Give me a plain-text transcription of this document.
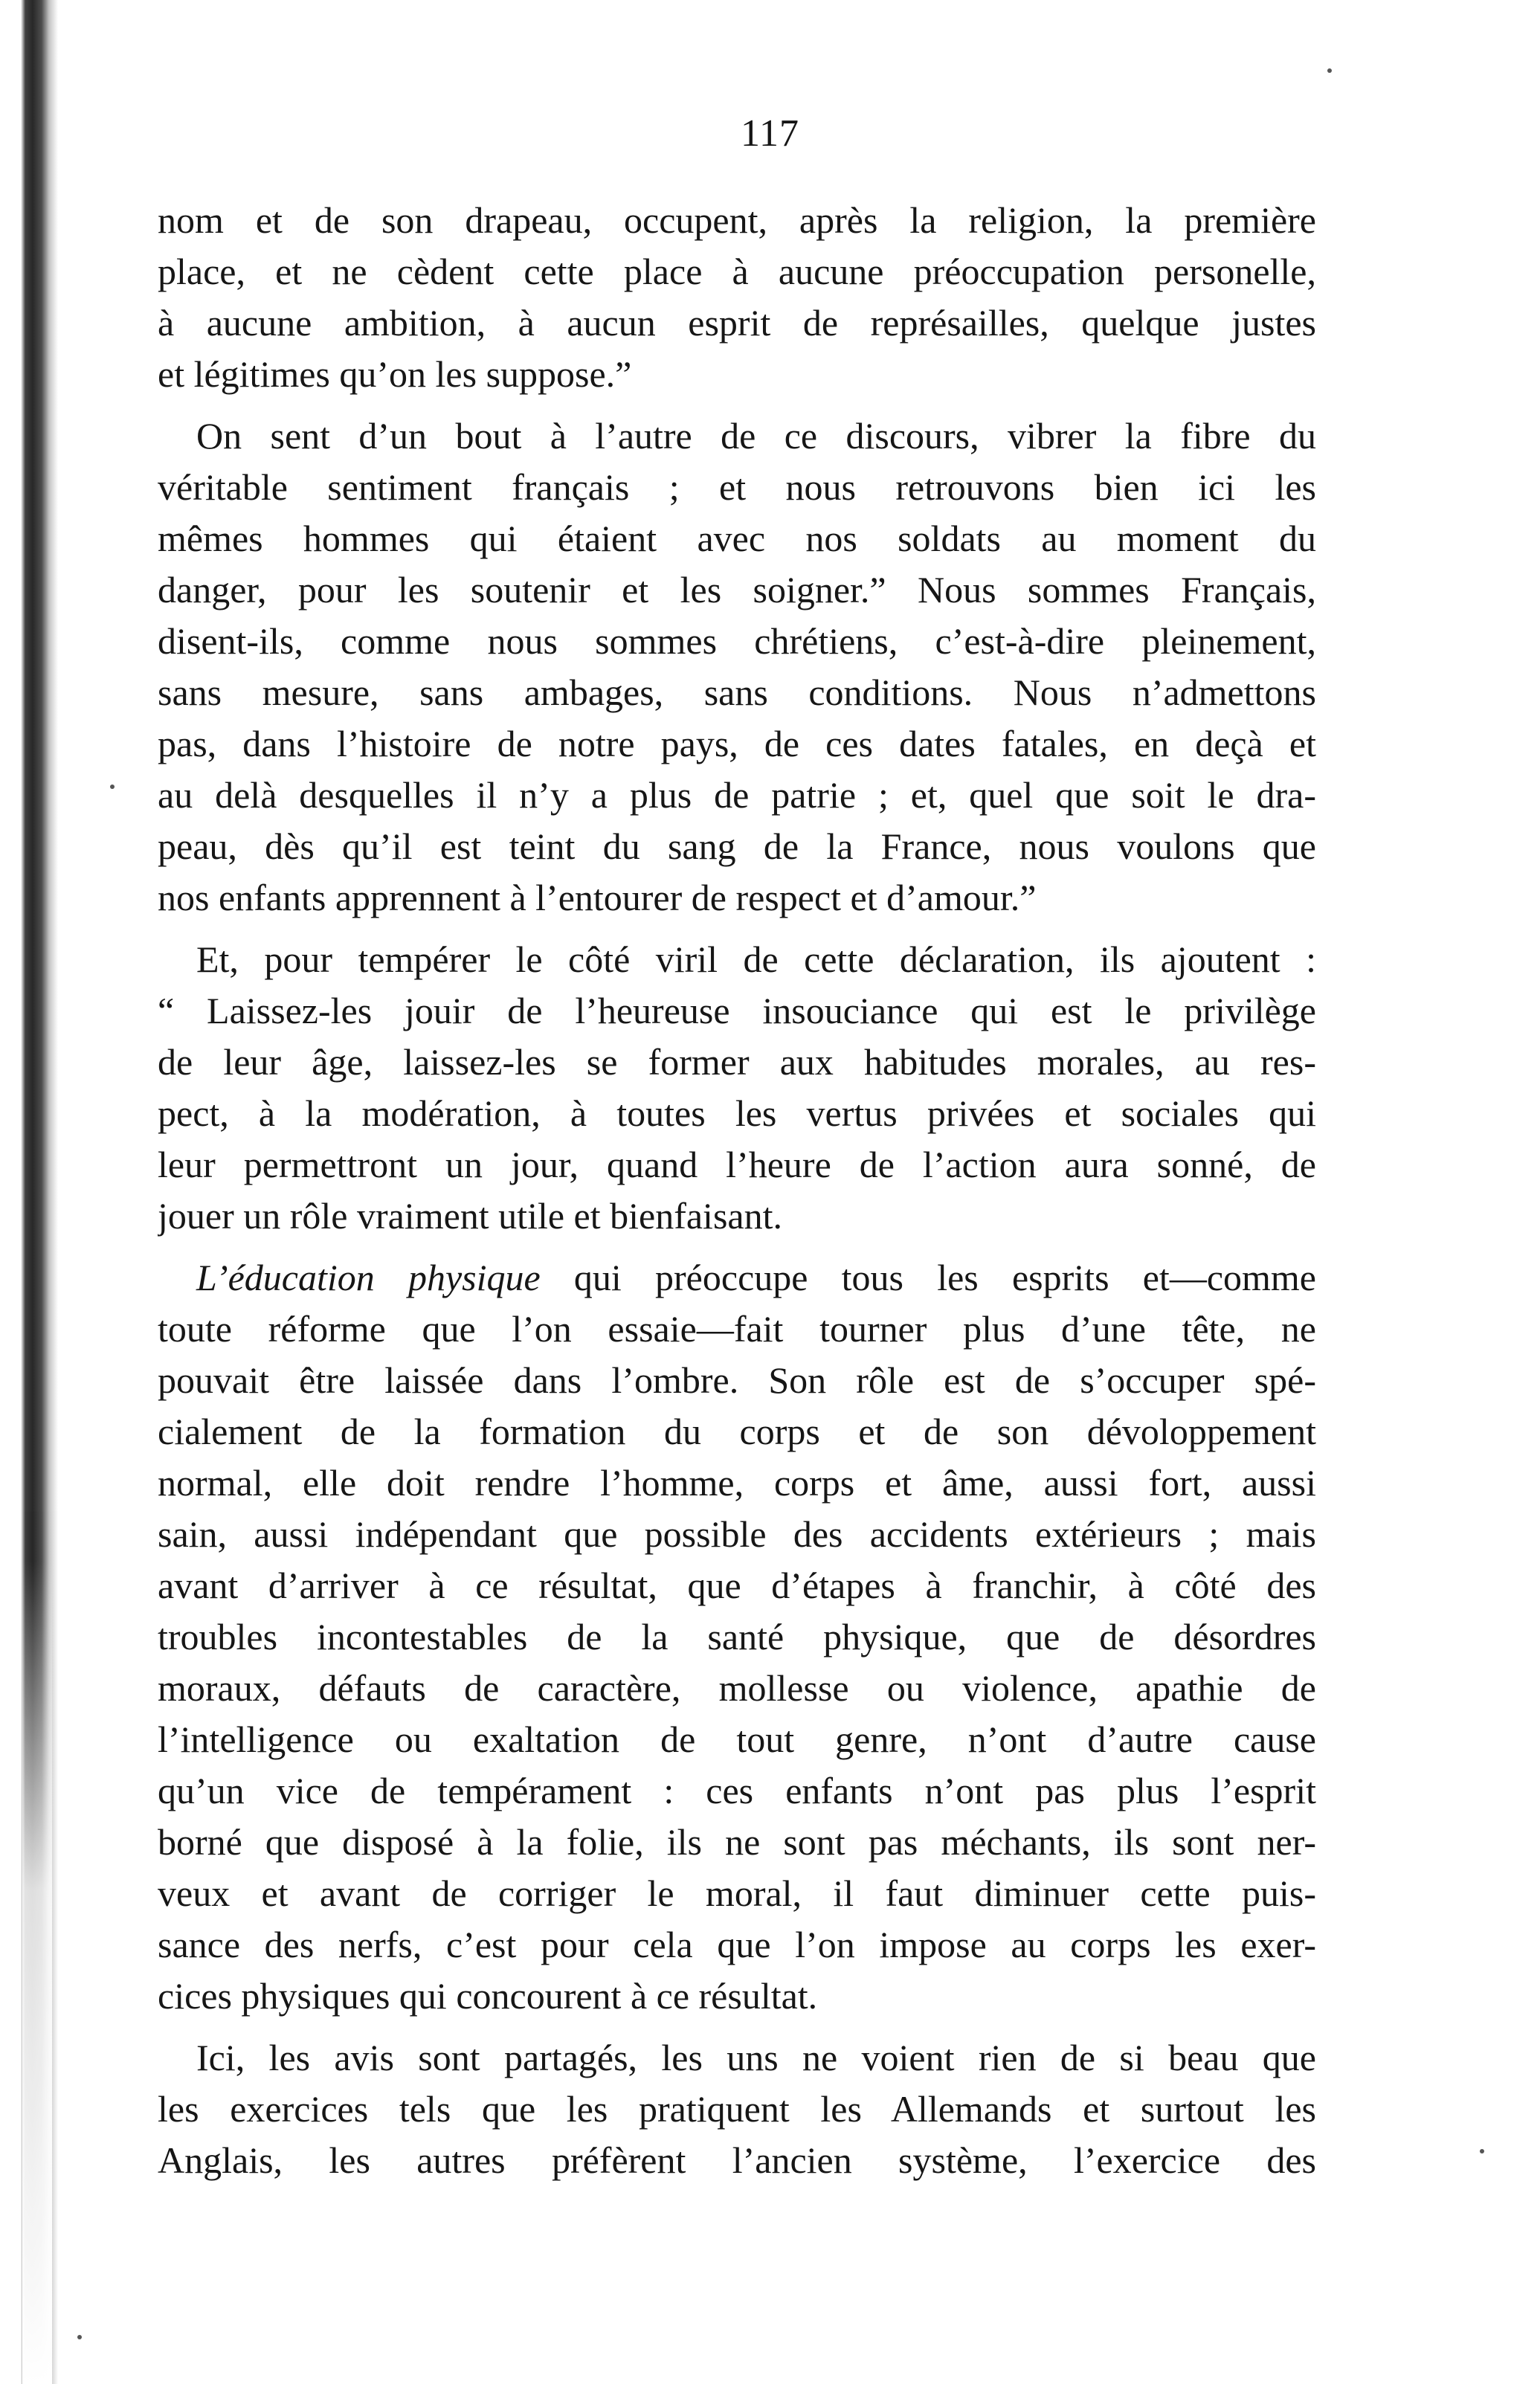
117
nom et de son drapeau, occupent, après la religion, la première
place, et ne cèdent cette place à aucune préoccupation personelle,
à aucune ambition, à aucun esprit de représailles, quelque justes
et légitimes qu’on les suppose.”
On sent d’un bout à l’autre de ce discours, vibrer la fibre du
véritable sentiment français ; et nous retrouvons bien ici les
mêmes hommes qui étaient avec nos soldats au moment du
danger, pour les soutenir et les soigner.” Nous sommes Français,
disent-ils, comme nous sommes chrétiens, c’est-à-dire pleinement,
sans mesure, sans ambages, sans conditions. Nous n’admettons
pas, dans l’histoire de notre pays, de ces dates fatales, en deçà et
au delà desquelles il n’y a plus de patrie ; et, quel que soit le dra-
peau, dès qu’il est teint du sang de la France, nous voulons que
nos enfants apprennent à l’entourer de respect et d’amour.”
Et, pour tempérer le côté viril de cette déclaration, ils ajoutent :
“ Laissez-les jouir de l’heureuse insouciance qui est le privilège
de leur âge, laissez-les se former aux habitudes morales, au res-
pect, à la modération, à toutes les vertus privées et sociales qui
leur permettront un jour, quand l’heure de l’action aura sonné, de
jouer un rôle vraiment utile et bienfaisant.
L’éducation physique qui préoccupe tous les esprits et—comme
toute réforme que l’on essaie—fait tourner plus d’une tête, ne
pouvait être laissée dans l’ombre. Son rôle est de s’occuper spé-
cialement de la formation du corps et de son dévoloppement
normal, elle doit rendre l’homme, corps et âme, aussi fort, aussi
sain, aussi indépendant que possible des accidents extérieurs ; mais
avant d’arriver à ce résultat, que d’étapes à franchir, à côté des
troubles incontestables de la santé physique, que de désordres
moraux, défauts de caractère, mollesse ou violence, apathie de
l’intelligence ou exaltation de tout genre, n’ont d’autre cause
qu’un vice de tempérament : ces enfants n’ont pas plus l’esprit
borné que disposé à la folie, ils ne sont pas méchants, ils sont ner-
veux et avant de corriger le moral, il faut diminuer cette puis-
sance des nerfs, c’est pour cela que l’on impose au corps les exer-
cices physiques qui concourent à ce résultat.
Ici, les avis sont partagés, les uns ne voient rien de si beau que
les exercices tels que les pratiquent les Allemands et surtout les
Anglais, les autres préfèrent l’ancien système, l’exercice des
